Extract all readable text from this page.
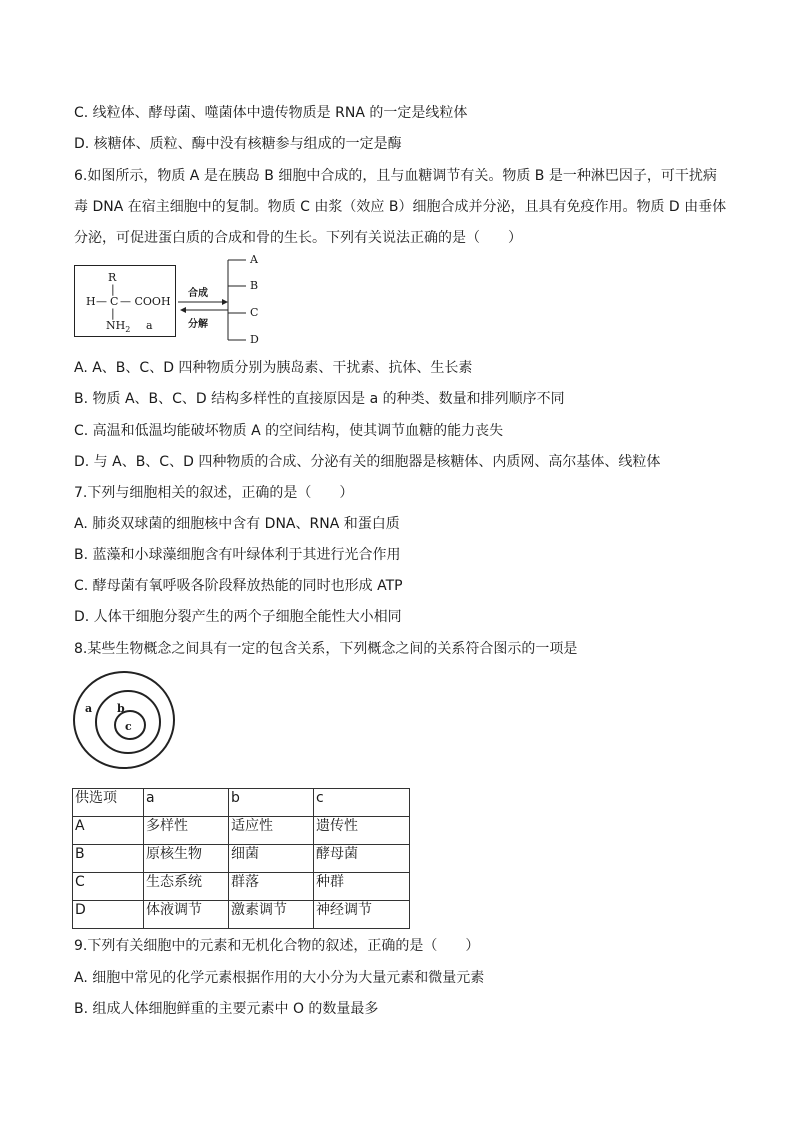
C. 线粒体、酵母菌、噬菌体中遗传物质是 RNA 的一定是线粒体
D. 核糖体、质粒、酶中没有核糖参与组成的一定是酶
6.如图所示，物质 A 是在胰岛 B 细胞中合成的，且与血糖调节有关。物质 B 是一种淋巴因子，可干扰病
毒 DNA 在宿主细胞中的复制。物质 C 由浆（效应 B）细胞合成并分泌，且具有免疫作用。物质 D 由垂体
分泌，可促进蛋白质的合成和骨的生长。下列有关说法正确的是（　　）
R
|
H — C — COOH
|
$NH_2$ a
合成
分解
A
B
C
D
A. A、B、C、D 四种物质分别为胰岛素、干扰素、抗体、生长素
B. 物质 A、B、C、D 结构多样性的直接原因是 a 的种类、数量和排列顺序不同
C. 高温和低温均能破坏物质 A 的空间结构，使其调节血糖的能力丧失
D. 与 A、B、C、D 四种物质的合成、分泌有关的细胞器是核糖体、内质网、高尔基体、线粒体
7.下列与细胞相关的叙述，正确的是（　　）
A. 肺炎双球菌的细胞核中含有 DNA、RNA 和蛋白质
B. 蓝藻和小球藻细胞含有叶绿体利于其进行光合作用
C. 酵母菌有氧呼吸各阶段释放热能的同时也形成 ATP
D. 人体干细胞分裂产生的两个子细胞全能性大小相同
8.某些生物概念之间具有一定的包含关系，下列概念之间的关系符合图示的一项是
a b
c
供选项	a	b	c
A	多样性	适应性	遗传性
B	原核生物	细菌	酵母菌
C	生态系统	群落	种群
D	体液调节	激素调节	神经调节
9.下列有关细胞中的元素和无机化合物的叙述，正确的是（　　）
A. 细胞中常见的化学元素根据作用的大小分为大量元素和微量元素
B. 组成人体细胞鲜重的主要元素中 O 的数量最多
